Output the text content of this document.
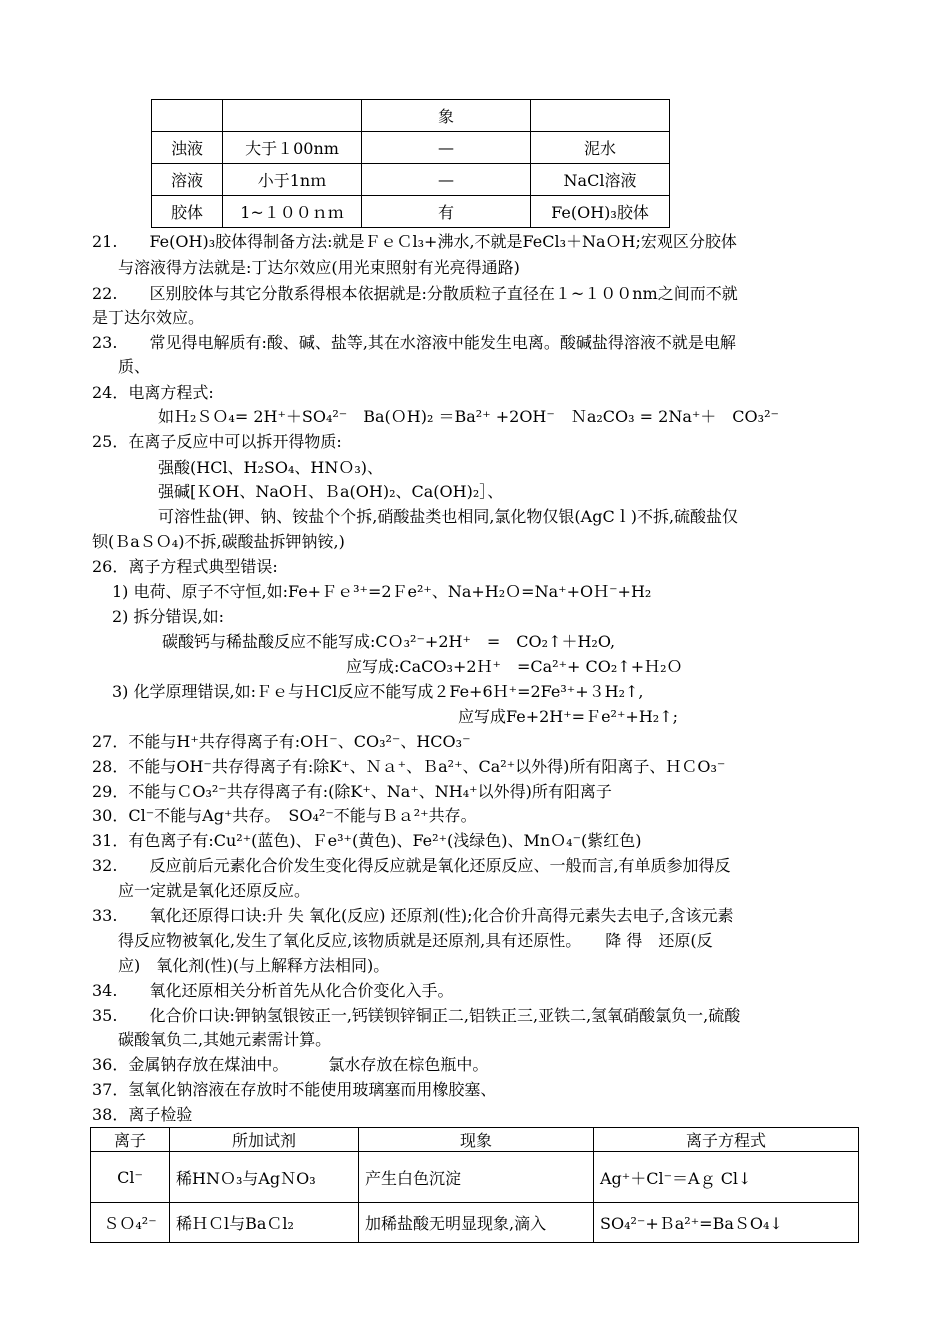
		象	
浊液	大于１00nm	—	泥水
溶液	小于1nｍ	—	NaCl溶液
胶体	1~１００ｎｍ	有	Fe(OH)₃胶体
21.　　Fe(OH)₃胶体得制备方法:就是ＦｅＣl₃+沸水,不就是FeCl₃＋NaＯH;宏观区分胶体
与溶液得方法就是:丁达尔效应(用光束照射有光亮得通路)
22.　　区别胶体与其它分散系得根本依据就是:分散质粒子直径在１~１００nm之间而不就
是丁达尔效应。
23.　　常见得电解质有:酸、碱、盐等,其在水溶液中能发生电离。酸碱盐得溶液不就是电解
质、
24．电离方程式:
如Ｈ₂ＳＯ₄= 2H⁺＋SO₄²⁻　Ba(ＯH)₂ ＝Ba²⁺ +2OH⁻　Ｎa₂CO₃ = 2Na⁺＋　CO₃²⁻
25．在离子反应中可以拆开得物质:
强酸(HCl、H₂SO₄、HNＯ₃)、
强碱[ＫOH、NaOＨ、Ｂa(OH)₂、Ca(OH)₂］、
可溶性盐(钾、钠、铵盐个个拆,硝酸盐类也相同,氯化物仅银(AgCｌ)不拆,硫酸盐仅
钡(ＢaＳＯ₄)不拆,碳酸盐拆钾钠铵,)
26．离子方程式典型错误:
1) 电荷、原子不守恒,如:Fe+Ｆｅ³⁺=2Ｆe²⁺、Na+H₂Ｏ=Na⁺+OＨ⁻+H₂
2) 拆分错误,如:
碳酸钙与稀盐酸反应不能写成:CＯ₃²⁻+2H⁺　=　CO₂↑＋H₂O,
应写成:CaCO₃+2Ｈ⁺　=Ca²⁺+ CO₂↑+Ｈ₂Ｏ
3) 化学原理错误,如:Ｆｅ与ＨCl反应不能写成２Fe+6Ｈ⁺=2Fe³⁺+３H₂↑,
应写成Fe+2H⁺=Ｆe²⁺+H₂↑;
27．不能与H⁺共存得离子有:OＨ⁻、CO₃²⁻、HCO₃⁻
28．不能与OH⁻共存得离子有:除K⁺、Ｎａ⁺、Ｂa²⁺、Ca²⁺以外得)所有阳离子、ＨＣO₃⁻
29．不能与ＣO₃²⁻共存得离子有:(除K⁺、Na⁺、NH₄⁺以外得)所有阳离子
30．Cl⁻不能与Ag⁺共存。　SO₄²⁻不能与Ｂａ²⁺共存。
31．有色离子有:Cu²⁺(蓝色)、Ｆe³⁺(黄色)、Fe²⁺(浅绿色)、MnＯ₄⁻(紫红色)
32.　　反应前后元素化合价发生变化得反应就是氧化还原反应、一般而言,有单质参加得反
应一定就是氧化还原反应。
33.　　氧化还原得口诀:升 失 氧化(反应) 还原剂(性);化合价升高得元素失去电子,含该元素
得反应物被氧化,发生了氧化反应,该物质就是还原剂,具有还原性。　　降 得　还原(反
应)　氧化剂(性)(与上解释方法相同)。
34.　　氧化还原相关分析首先从化合价变化入手。
35.　　化合价口诀:钾钠氢银铵正一,钙镁钡锌铜正二,铝铁正三,亚铁二,氢氧硝酸氯负一,硫酸
碳酸氧负二,其她元素需计算。
36．金属钠存放在煤油中。　　　氯水存放在棕色瓶中。
37．氢氧化钠溶液在存放时不能使用玻璃塞而用橡胶塞、
38．离子检验
离子	所加试剂	现象	离子方程式
Cl⁻	稀HNＯ₃与AgＮO₃	产生白色沉淀	Ag⁺＋Cl⁻＝Aｇ Cl↓
ＳＯ₄²⁻	稀ＨＣl与BaＣl₂	加稀盐酸无明显现象,滴入	SO₄²⁻+Ｂa²⁺=BaＳO₄↓
